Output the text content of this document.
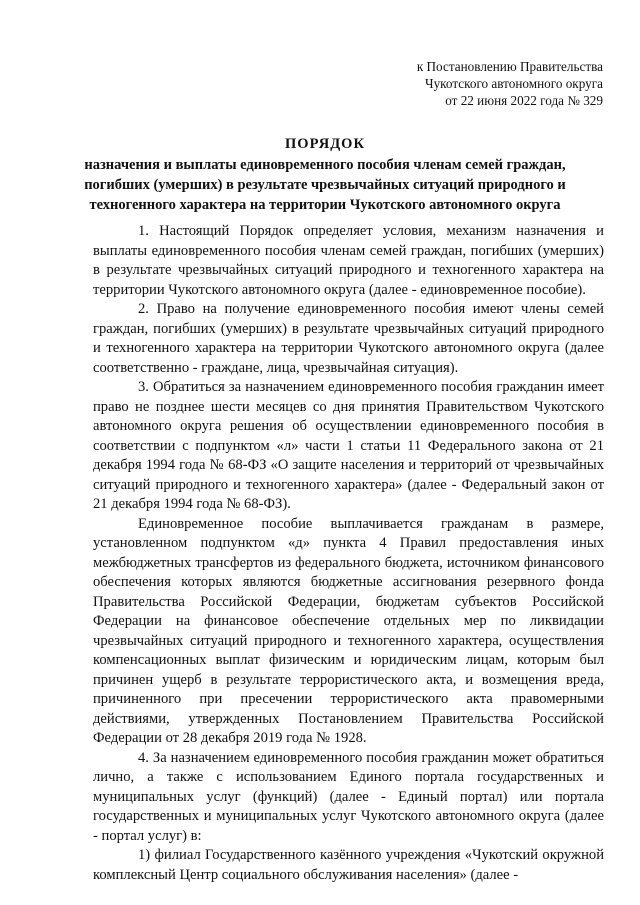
к Постановлению Правительства
Чукотского автономного округа
от 22 июня 2022 года № 329
ПОРЯДОК
назначения и выплаты единовременного пособия членам семей граждан, погибших (умерших) в результате чрезвычайных ситуаций природного и техногенного характера на территории Чукотского автономного округа

1. Настоящий Порядок определяет условия, механизм назначения и выплаты единовременного пособия членам семей граждан, погибших (умерших) в результате чрезвычайных ситуаций природного и техногенного характера на территории Чукотского автономного округа (далее - единовременное пособие).

2. Право на получение единовременного пособия имеют члены семей граждан, погибших (умерших) в результате чрезвычайных ситуаций природного и техногенного характера на территории Чукотского автономного округа (далее соответственно - граждане, лица, чрезвычайная ситуация).

3. Обратиться за назначением единовременного пособия гражданин имеет право не позднее шести месяцев со дня принятия Правительством Чукотского автономного округа решения об осуществлении единовременного пособия в соответствии с подпунктом «л» части 1 статьи 11 Федерального закона от 21 декабря 1994 года № 68-ФЗ «О защите населения и территорий от чрезвычайных ситуаций природного и техногенного характера» (далее - Федеральный закон от 21 декабря 1994 года № 68-ФЗ).

Единовременное пособие выплачивается гражданам в размере, установленном подпунктом «д» пункта 4 Правил предоставления иных межбюджетных трансфертов из федерального бюджета, источником финансового обеспечения которых являются бюджетные ассигнования резервного фонда Правительства Российской Федерации, бюджетам субъектов Российской Федерации на финансовое обеспечение отдельных мер по ликвидации чрезвычайных ситуаций природного и техногенного характера, осуществления компенсационных выплат физическим и юридическим лицам, которым был причинен ущерб в результате террористического акта, и возмещения вреда, причиненного при пресечении террористического акта правомерными действиями, утвержденных Постановлением Правительства Российской Федерации от 28 декабря 2019 года № 1928.

4. За назначением единовременного пособия гражданин может обратиться лично, а также с использованием Единого портала государственных и муниципальных услуг (функций) (далее - Единый портал) или портала государственных и муниципальных услуг Чукотского автономного округа (далее - портал услуг) в:

1) филиал Государственного казённого учреждения «Чукотский окружной комплексный Центр социального обслуживания населения» (далее -
